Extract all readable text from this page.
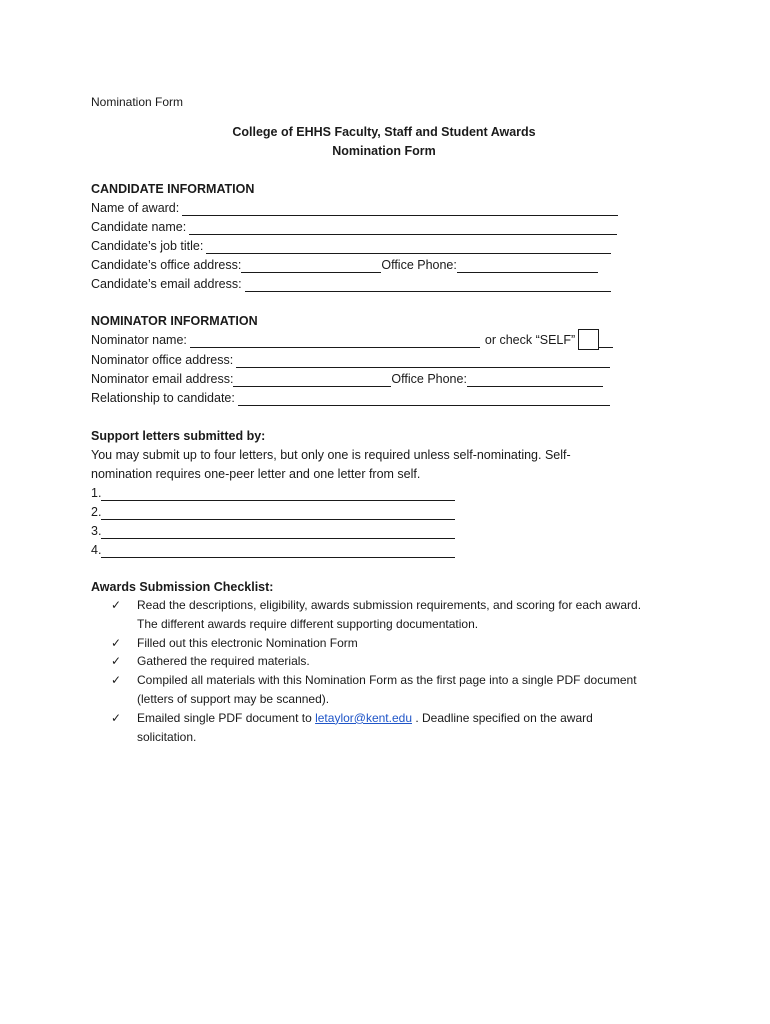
Nomination Form
College of EHHS Faculty, Staff and Student Awards
Nomination Form
CANDIDATE INFORMATION
Name of award:
Candidate name:
Candidate’s job title:
Candidate’s office address:	Office Phone:
Candidate’s email address:
NOMINATOR INFORMATION
Nominator name:	or check “SELF”
Nominator office address:
Nominator email address:	Office Phone:
Relationship to candidate:
Support letters submitted by:
You may submit up to four letters, but only one is required unless self-nominating. Self-
nomination requires one-peer letter and one letter from self.
1.
2.
3.
4.
Awards Submission Checklist:
✓	Read the descriptions, eligibility, awards submission requirements, and scoring for each award.
The different awards require different supporting documentation.
✓	Filled out this electronic Nomination Form
✓	Gathered the required materials.
✓	Compiled all materials with this Nomination Form as the first page into a single PDF document
(letters of support may be scanned).
✓	Emailed single PDF document to letaylor@kent.edu . Deadline specified on the award
solicitation.
